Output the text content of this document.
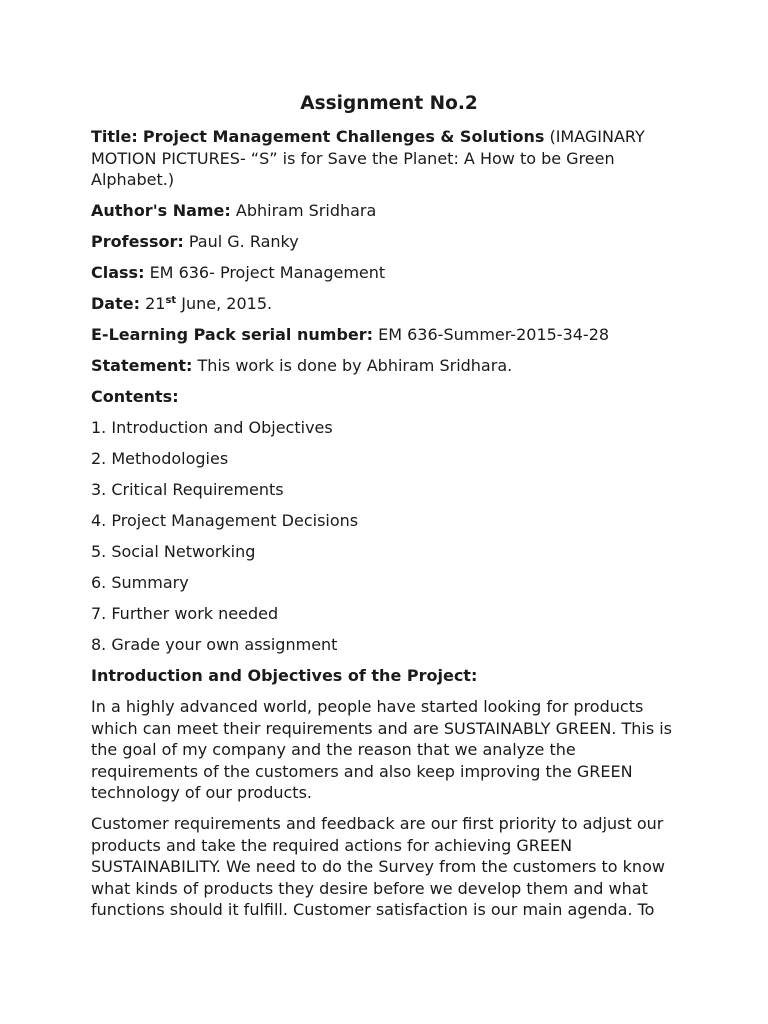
Assignment No.2

Title: Project Management Challenges & Solutions (IMAGINARY MOTION PICTURES- “S” is for Save the Planet: A How to be Green Alphabet.)

Author's Name: Abhiram Sridhara

Professor: Paul G. Ranky

Class: EM 636- Project Management

Date: 21st June, 2015.

E-Learning Pack serial number: EM 636-Summer-2015-34-28

Statement: This work is done by Abhiram Sridhara.

Contents:

1. Introduction and Objectives

2. Methodologies

3. Critical Requirements

4. Project Management Decisions

5. Social Networking

6. Summary

7. Further work needed

8. Grade your own assignment

Introduction and Objectives of the Project:

In a highly advanced world, people have started looking for products which can meet their requirements and are SUSTAINABLY GREEN. This is the goal of my company and the reason that we analyze the requirements of the customers and also keep improving the GREEN technology of our products.

Customer requirements and feedback are our first priority to adjust our products and take the required actions for achieving GREEN SUSTAINABILITY. We need to do the Survey from the customers to know what kinds of products they desire before we develop them and what functions should it fulfill. Customer satisfaction is our main agenda. To
